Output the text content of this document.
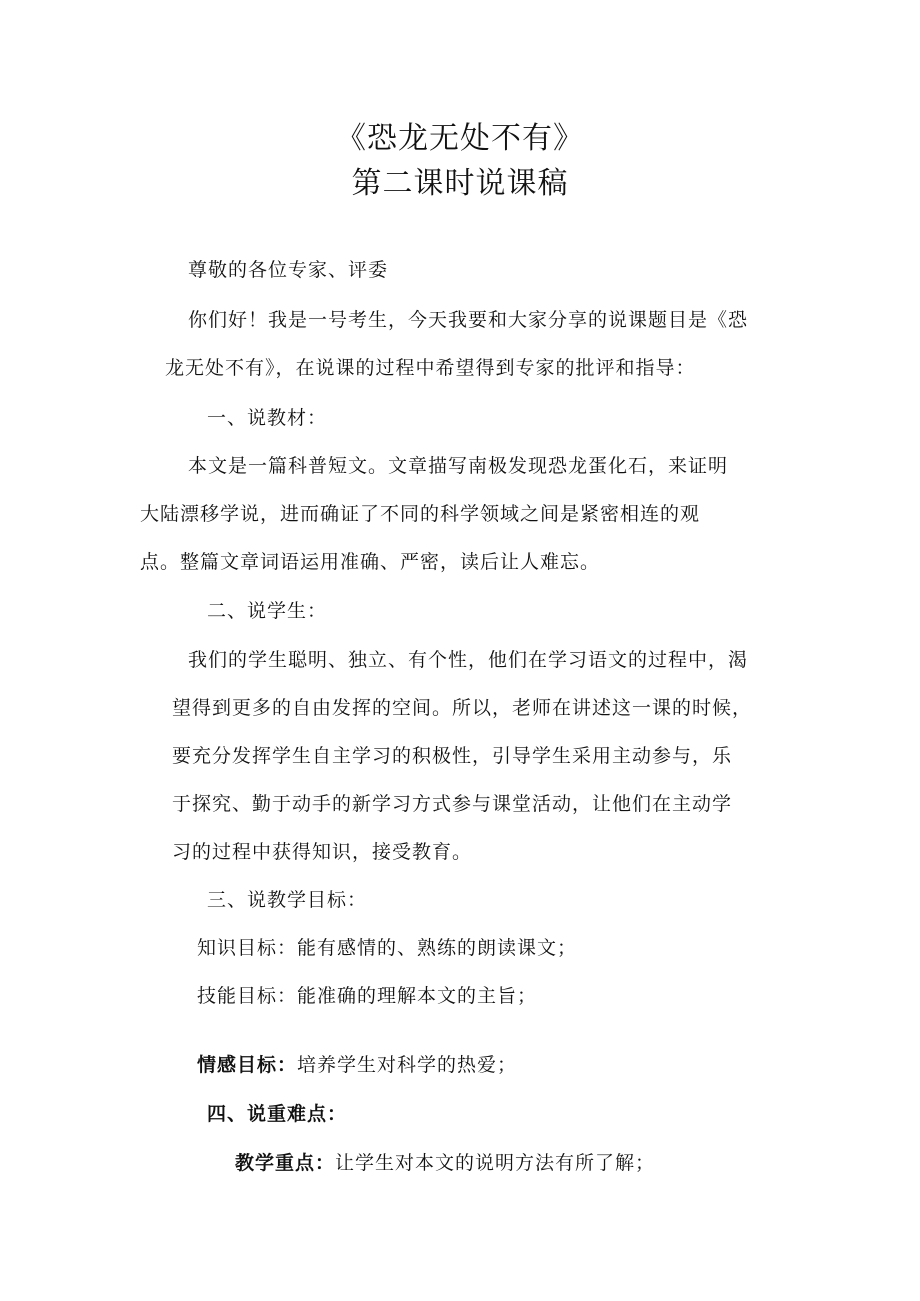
《恐龙无处不有》
第二课时说课稿
尊敬的各位专家、评委
你们好！我是一号考生，今天我要和大家分享的说课题目是《恐
龙无处不有》，在说课的过程中希望得到专家的批评和指导：
一、说教材：
本文是一篇科普短文。文章描写南极发现恐龙蛋化石，来证明
大陆漂移学说，进而确证了不同的科学领域之间是紧密相连的观
点。整篇文章词语运用准确、严密，读后让人难忘。
二、说学生：
我们的学生聪明、独立、有个性，他们在学习语文的过程中，渴
望得到更多的自由发挥的空间。所以，老师在讲述这一课的时候，
要充分发挥学生自主学习的积极性，引导学生采用主动参与，乐
于探究、勤于动手的新学习方式参与课堂活动，让他们在主动学
习的过程中获得知识，接受教育。
三、说教学目标：
知识目标：能有感情的、熟练的朗读课文；
技能目标：能准确的理解本文的主旨；
情感目标：培养学生对科学的热爱；
四、说重难点：
教学重点：让学生对本文的说明方法有所了解；
